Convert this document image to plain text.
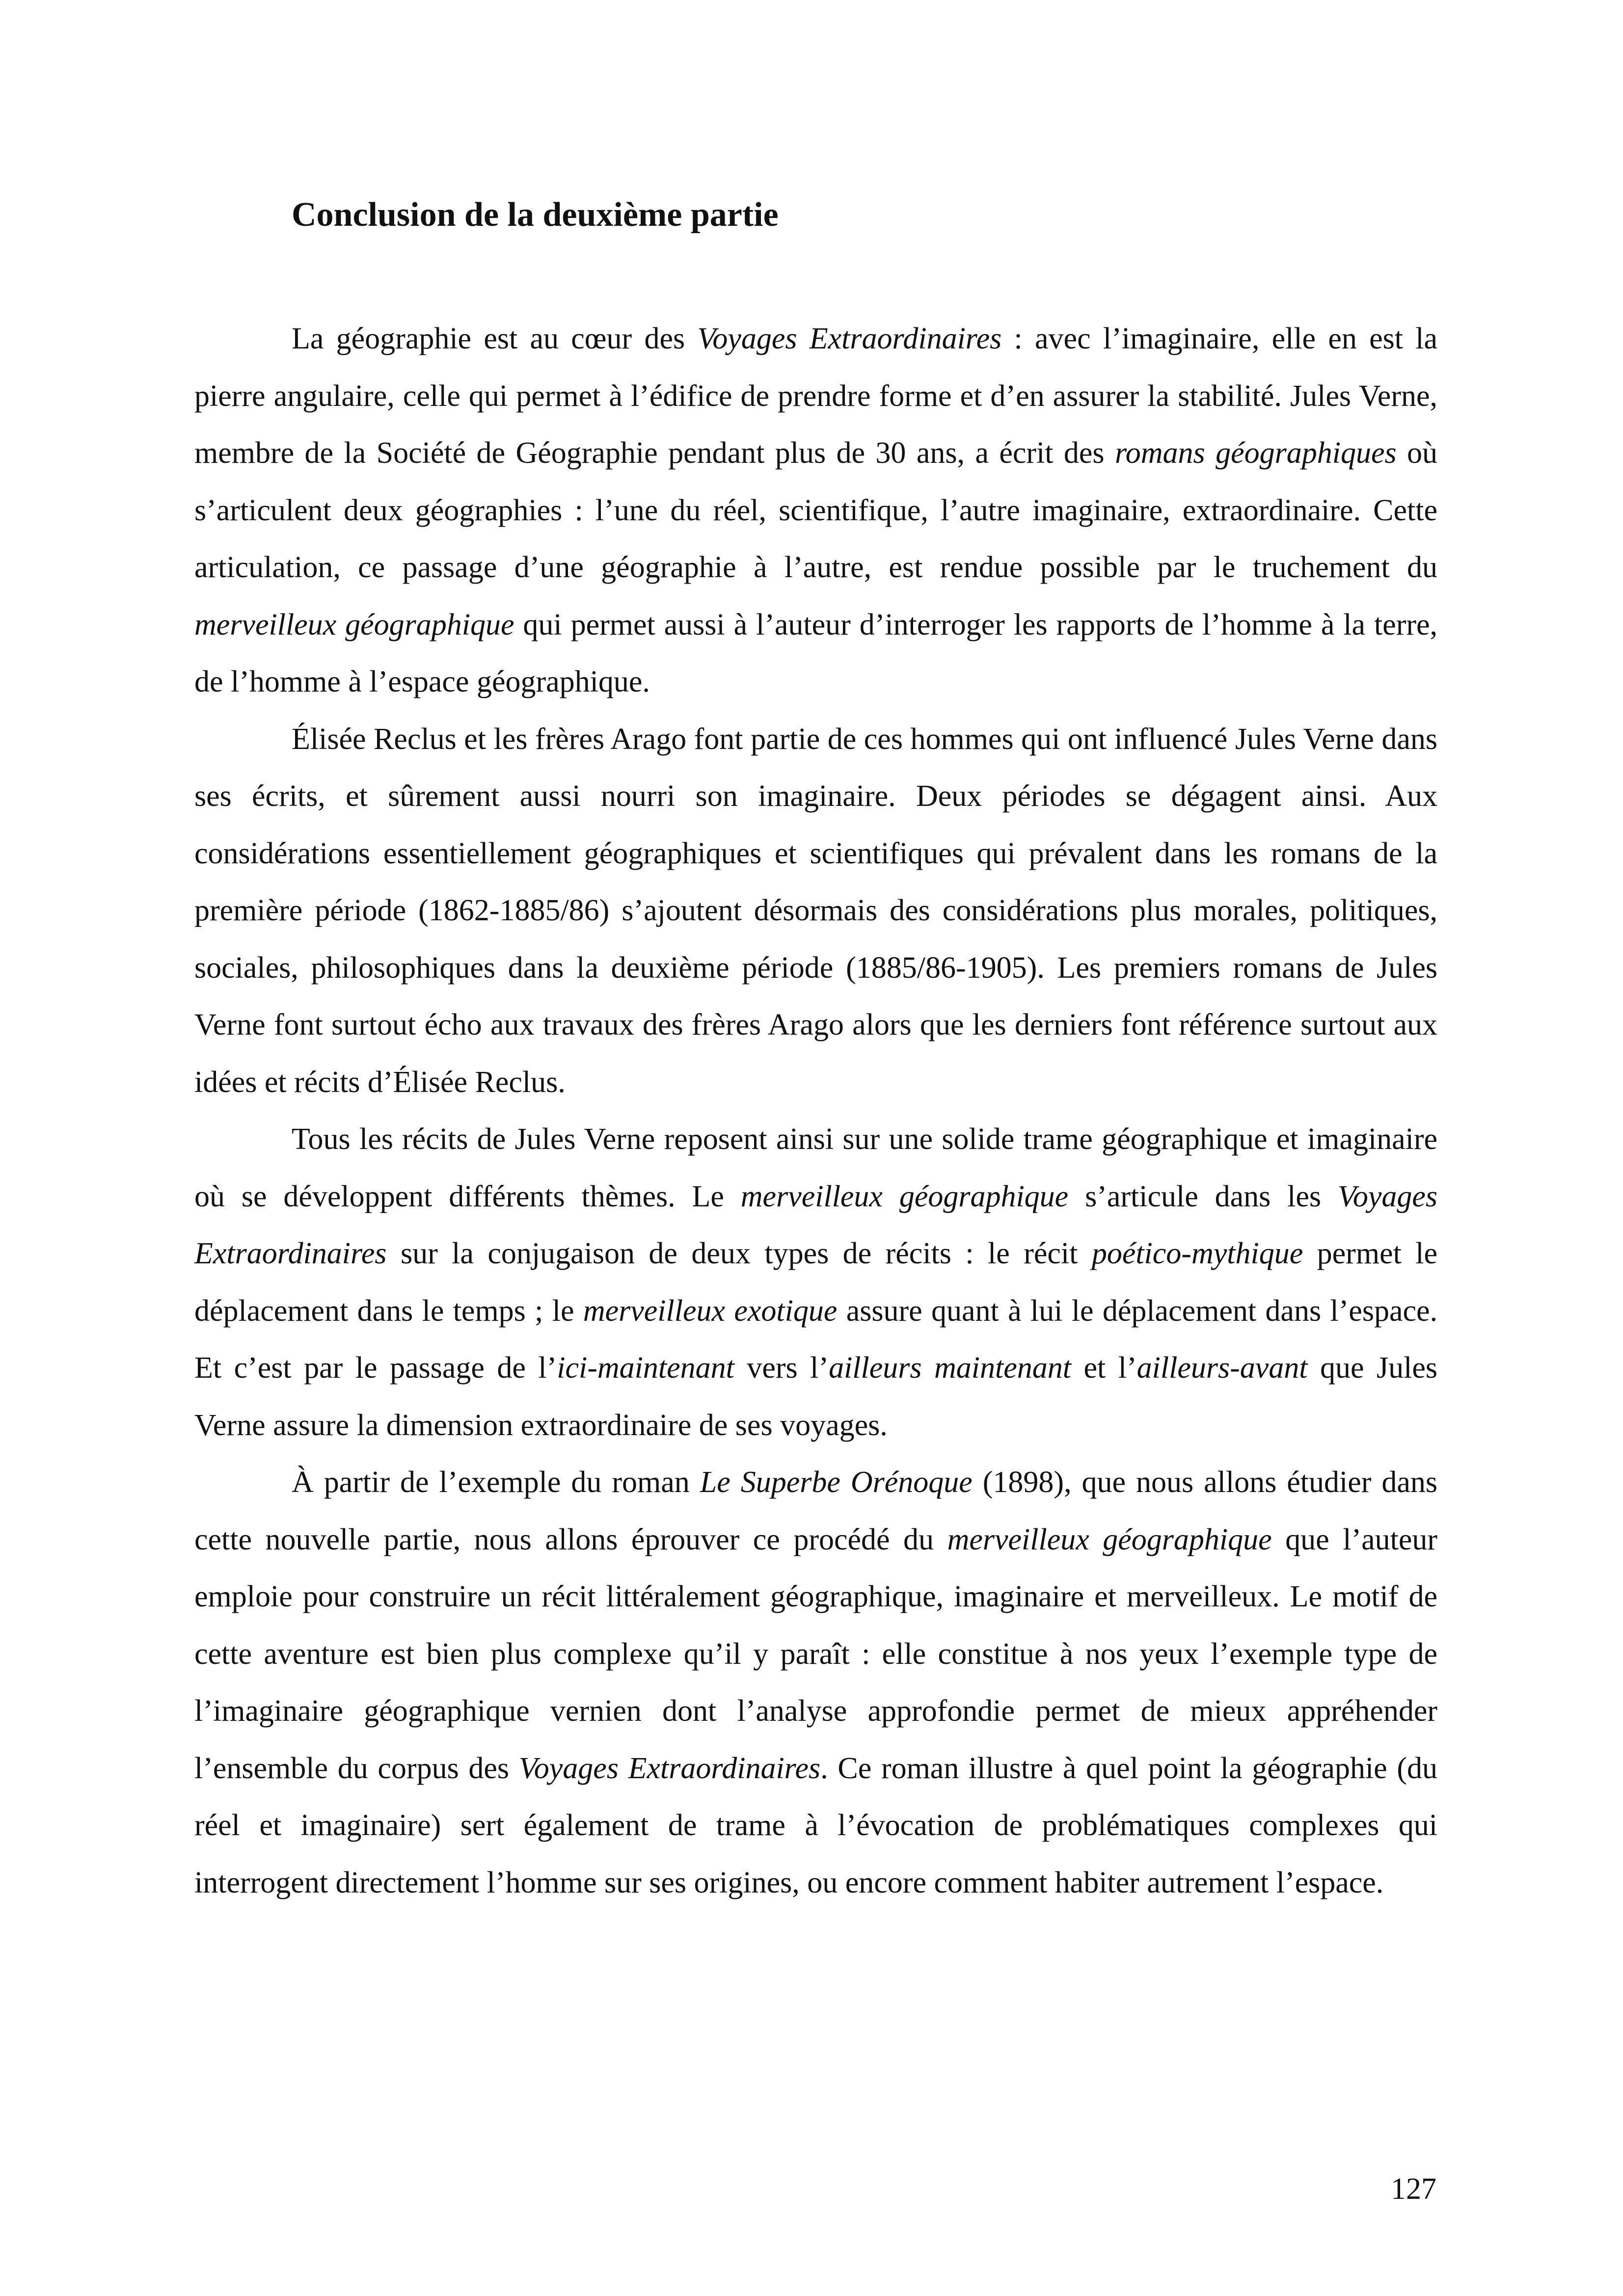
Conclusion de la deuxième partie

La géographie est au cœur des Voyages Extraordinaires : avec l’imaginaire, elle en est la pierre angulaire, celle qui permet à l’édifice de prendre forme et d’en assurer la stabilité. Jules Verne, membre de la Société de Géographie pendant plus de 30 ans, a écrit des romans géographiques où s’articulent deux géographies : l’une du réel, scientifique, l’autre imaginaire, extraordinaire. Cette articulation, ce passage d’une géographie à l’autre, est rendue possible par le truchement du merveilleux géographique qui permet aussi à l’auteur d’interroger les rapports de l’homme à la terre, de l’homme à l’espace géographique.

Élisée Reclus et les frères Arago font partie de ces hommes qui ont influencé Jules Verne dans ses écrits, et sûrement aussi nourri son imaginaire. Deux périodes se dégagent ainsi. Aux considérations essentiellement géographiques et scientifiques qui prévalent dans les romans de la première période (1862-1885/86) s’ajoutent désormais des considérations plus morales, politiques, sociales, philosophiques dans la deuxième période (1885/86-1905). Les premiers romans de Jules Verne font surtout écho aux travaux des frères Arago alors que les derniers font référence surtout aux idées et récits d’Élisée Reclus.

Tous les récits de Jules Verne reposent ainsi sur une solide trame géographique et imaginaire où se développent différents thèmes. Le merveilleux géographique s’articule dans les Voyages Extraordinaires sur la conjugaison de deux types de récits : le récit poético-mythique permet le déplacement dans le temps ; le merveilleux exotique assure quant à lui le déplacement dans l’espace. Et c’est par le passage de l’ici-maintenant vers l’ailleurs maintenant et l’ailleurs-avant que Jules Verne assure la dimension extraordinaire de ses voyages.

À partir de l’exemple du roman Le Superbe Orénoque (1898), que nous allons étudier dans cette nouvelle partie, nous allons éprouver ce procédé du merveilleux géographique que l’auteur emploie pour construire un récit littéralement géographique, imaginaire et merveilleux. Le motif de cette aventure est bien plus complexe qu’il y paraît : elle constitue à nos yeux l’exemple type de l’imaginaire géographique vernien dont l’analyse approfondie permet de mieux appréhender l’ensemble du corpus des Voyages Extraordinaires. Ce roman illustre à quel point la géographie (du réel et imaginaire) sert également de trame à l’évocation de problématiques complexes qui interrogent directement l’homme sur ses origines, ou encore comment habiter autrement l’espace.

127
